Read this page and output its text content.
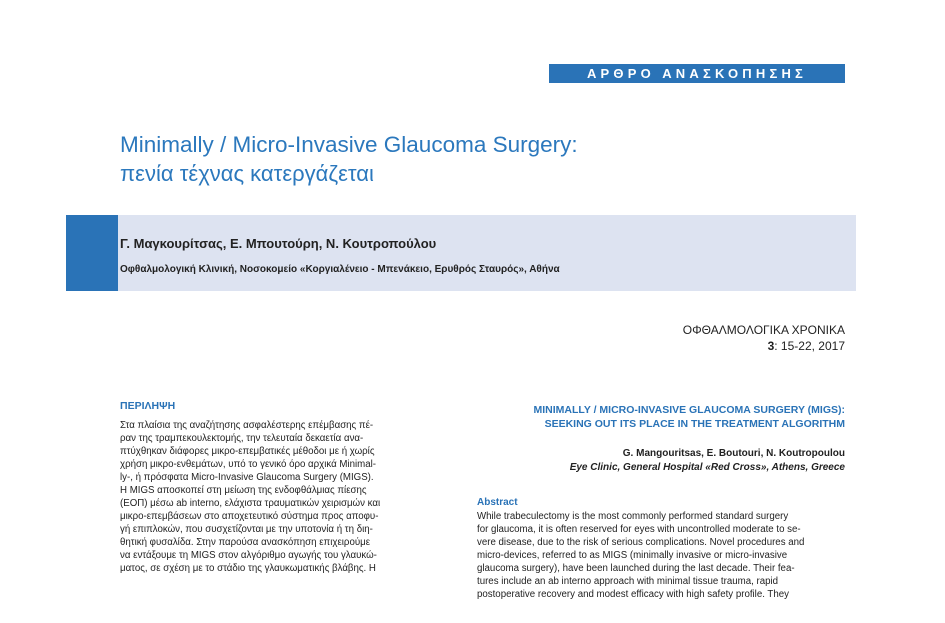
ΑΡΘΡΟ ΑΝΑΣΚΟΠΗΣΗΣ
Minimally / Micro-Invasive Glaucoma Surgery:
πενία τέχνας κατεργάζεται
Γ. Μαγκουρίτσας, Ε. Μπουτούρη, Ν. Κουτροπούλου
Οφθαλμολογική Κλινική, Νοσοκομείο «Κοργιαλένειο - Μπενάκειο, Ερυθρός Σταυρός», Αθήνα
ΟΦΘΑΛΜΟΛΟΓΙΚΑ ΧΡΟΝΙΚΑ
3: 15-22, 2017
ΠΕΡΙΛΗΨΗ
Στα πλαίσια της αναζήτησης ασφαλέστερης επέμβασης πέ-
ραν της τραμπεκουλεκτομής, την τελευταία δεκαετία ανα-
πτύχθηκαν διάφορες μικρο-επεμβατικές μέθοδοι με ή χωρίς
χρήση μικρο-ενθεμάτων, υπό το γενικό όρο αρχικά Minimal-
ly-, ή πρόσφατα Micro-Invasive Glaucoma Surgery (MIGS).
Η MIGS αποσκοπεί στη μείωση της ενδοφθάλμιας πίεσης
(ΕΟΠ) μέσω ab interno, ελάχιστα τραυματικών χειρισμών και
μικρο-επεμβάσεων στο αποχετευτικό σύστημα προς αποφυ-
γή επιπλοκών, που συσχετίζονται με την υποτονία ή τη διη-
θητική φυσαλίδα. Στην παρούσα ανασκόπηση επιχειρούμε
να εντάξουμε τη MIGS στον αλγόριθμο αγωγής του γλαυκώ-
ματος, σε σχέση με το στάδιο της γλαυκωματικής βλάβης. Η
MINIMALLY / MICRO-INVASIVE GLAUCOMA SURGERY (MIGS):
SEEKING OUT ITS PLACE IN THE TREATMENT ALGORITHM
G. Mangouritsas, E. Boutouri, N. Koutropoulou
Eye Clinic, General Hospital «Red Cross», Athens, Greece
Abstract
While trabeculectomy is the most commonly performed standard surgery
for glaucoma, it is often reserved for eyes with uncontrolled moderate to se-
vere disease, due to the risk of serious complications. Novel procedures and
micro-devices, referred to as MIGS (minimally invasive or micro-invasive
glaucoma surgery), have been launched during the last decade. Their fea-
tures include an ab interno approach with minimal tissue trauma, rapid
postoperative recovery and modest efficacy with high safety profile. They
